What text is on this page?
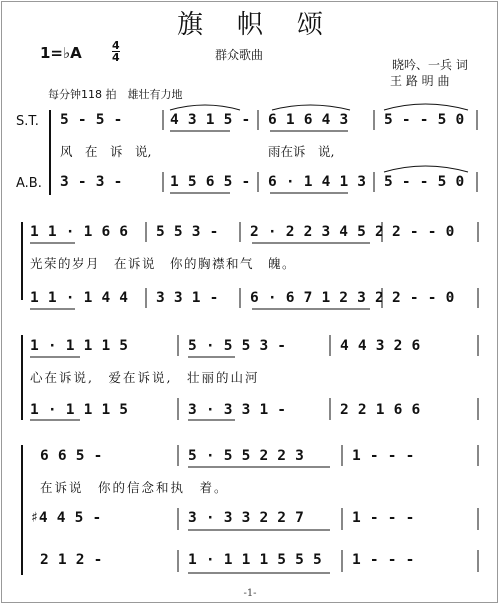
旗帜颂
1=♭A	4
4	群众歌曲
晓吟、一兵 词
王 路 明 曲
每分钟118 拍　雄壮有力地
S.T.
A.B.
5 - 5 -	4 3 1 5 - 6 1 6 4 3 5 - - 5 0
风　在　诉　说,	雨在诉　说,
3 - 3 -	1 5 6 5 - 6 · 1 4 1 3 5 - - 5 0
1 1 · 1 6 6 5 5 3 - 2 · 2 2 3 4 5 2 2 - - 0
光荣的岁月　在诉说　你的胸襟和气　魄。
1 1 · 1 4 4 3 3 1 - 6 · 6 7 1 2 3 2 2 - - 0
1 · 1 1 1 5	5 · 5 5 3 -	4 4 3 2 6
心在诉说,　爱在诉说,　壮丽的山河
1 · 1 1 1 5	3 · 3 3 1 -	2 2 1 6 6
6 6 5 -	5 · 5 5 2 2 3	1 - - -
在诉说　你的信念和执　着。
♯4 4 5 -	3 · 3 3 2 2 7	1 - - -
2 1 2 -	1 · 1 1 1 5 5 5 1 - - -
-1-
